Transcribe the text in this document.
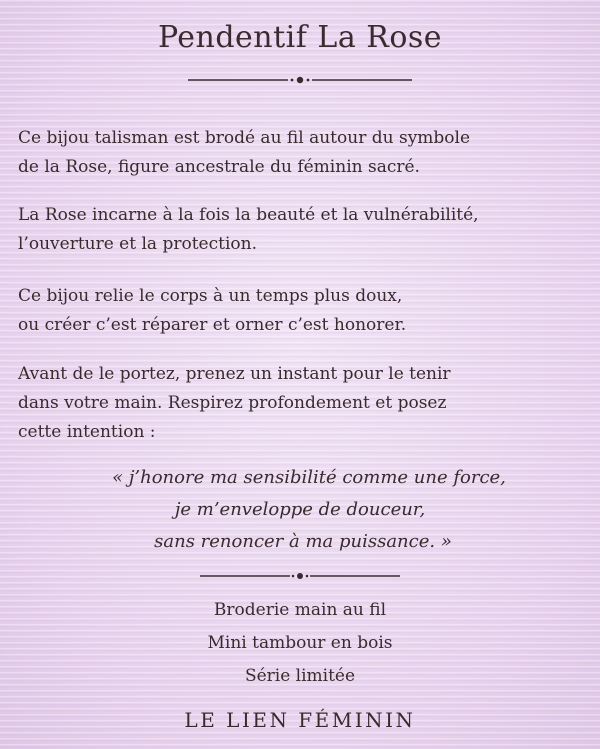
Pendentif La Rose
Ce bijou talisman est brodé au fil autour du symbole
de la Rose, figure ancestrale du féminin sacré.
La Rose incarne à la fois la beauté et la vulnérabilité,
l’ouverture et la protection.
Ce bijou relie le corps à un temps plus doux,
ou créer c’est réparer et orner c’est honorer.
Avant de le portez, prenez un instant pour le tenir
dans votre main. Respirez profondement et posez
cette intention :
« j’honore ma sensibilité comme une force,
je m’enveloppe de douceur,
sans renoncer à ma puissance. »
Broderie main au fil
Mini tambour en bois
Série limitée
LE LIEN FÉMININ
